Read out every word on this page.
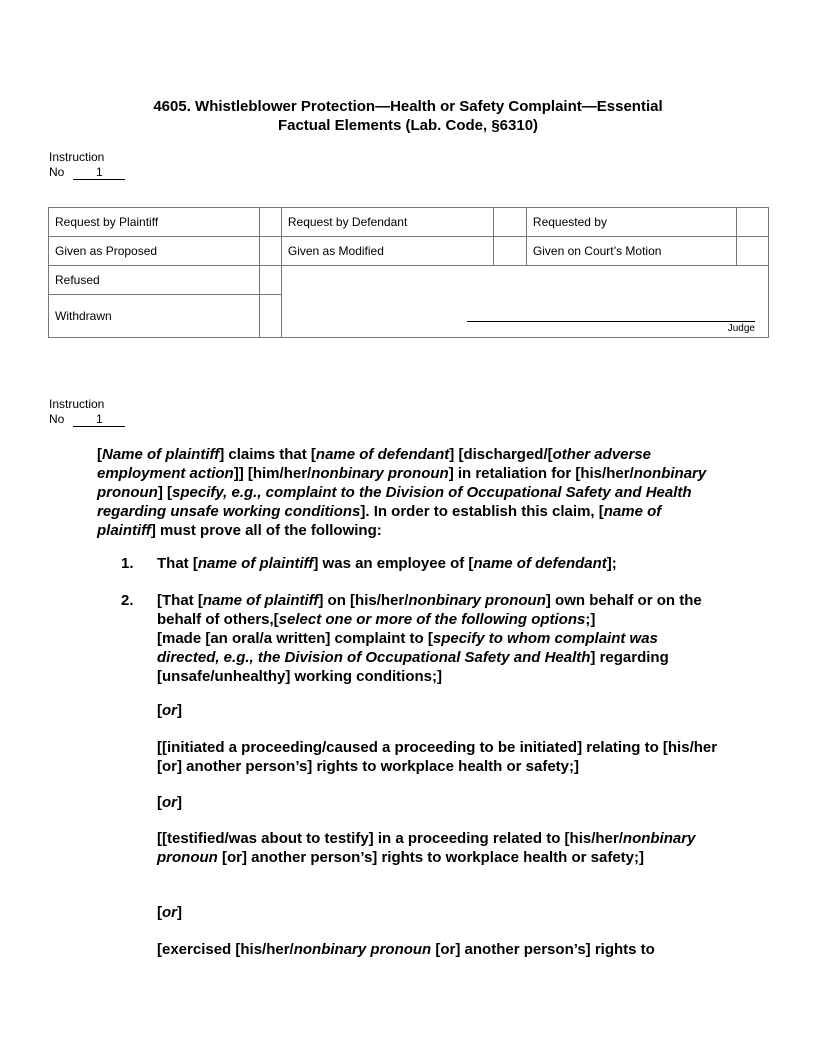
4605. Whistleblower Protection—Health or Safety Complaint—Essential
Factual Elements (Lab. Code, §6310)
Instruction
No	1
Request by Plaintiff		Request by Defendant		Requested by	
Given as Proposed		Given as Modified		Given on Court’s Motion	
Refused					
Withdrawn					
Judge
Instruction
No	1
[Name of plaintiff] claims that [name of defendant] [discharged/[other adverse employment action]] [him/her/nonbinary pronoun] in retaliation for [his/her/nonbinary pronoun] [specify, e.g., complaint to the Division of Occupational Safety and Health regarding unsafe working conditions]. In order to establish this claim, [name of plaintiff] must prove all of the following:
1. That [name of plaintiff] was an employee of [name of defendant];
2. [That [name of plaintiff] on [his/her/nonbinary pronoun] own behalf or on the behalf of others,[select one or more of the following options;]
[made [an oral/a written] complaint to [specify to whom complaint was directed, e.g., the Division of Occupational Safety and Health] regarding [unsafe/unhealthy] working conditions;]
[or]
[[initiated a proceeding/caused a proceeding to be initiated] relating to [his/her [or] another person’s] rights to workplace health or safety;]
[or]
[[testified/was about to testify] in a proceeding related to [his/her/nonbinary pronoun [or] another person’s] rights to workplace health or safety;]
[or]
[exercised [his/her/nonbinary pronoun [or] another person’s] rights to
